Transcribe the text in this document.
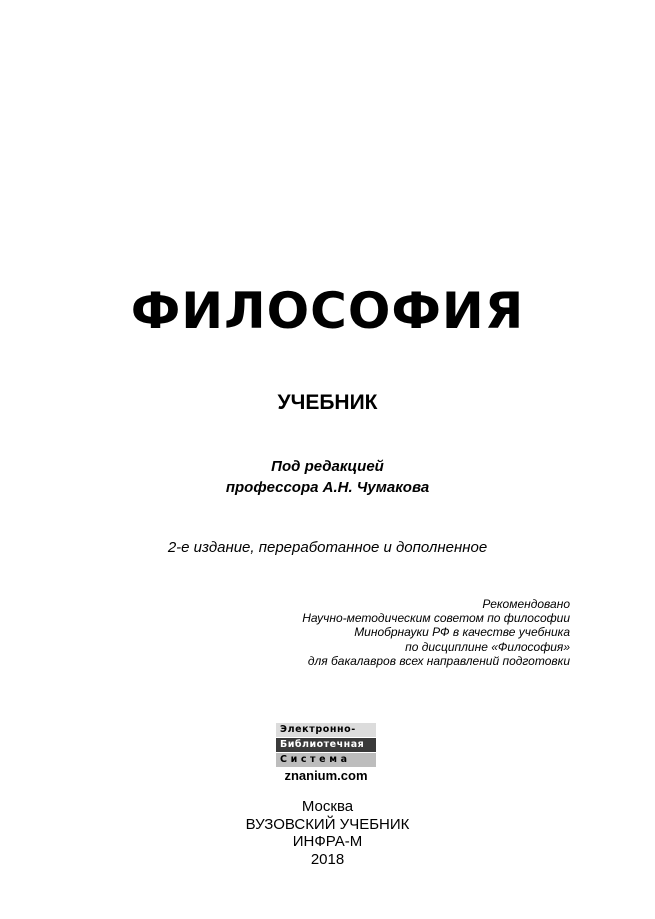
ФИЛОСОФИЯ
УЧЕБНИК
Под редакцией
профессора А.Н. Чумакова
2-е издание, переработанное и дополненное
Рекомендовано
Научно-методическим советом по философии
Минобрнауки РФ в качестве учебника
по дисциплине «Философия»
для бакалавров всех направлений подготовки
Электронно-
Библиотечная
Система
znanium.com
Москва
ВУЗОВСКИЙ УЧЕБНИК
ИНФРА-М
2018
